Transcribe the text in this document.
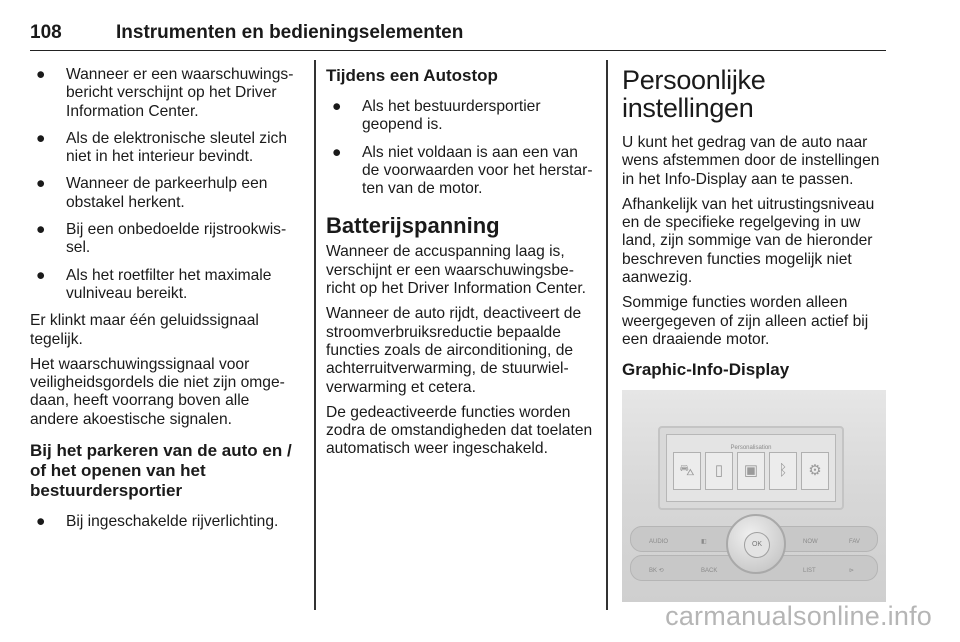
108	Instrumenten en bedieningselementen
● Wanneer er een waarschuwingsbericht verschijnt op het Driver Information Center.
● Als de elektronische sleutel zich niet in het interieur bevindt.
● Wanneer de parkeerhulp een obstakel herkent.
● Bij een onbedoelde rijstrookwissel.
● Als het roetfilter het maximale vulniveau bereikt.

Er klinkt maar één geluidssignaal tegelijk.

Het waarschuwingssignaal voor veiligheidsgordels die niet zijn omgedaan, heeft voorrang boven alle andere akoestische signalen.

Bij het parkeren van de auto en / of het openen van het bestuurdersportier
● Bij ingeschakelde rijverlichting.
Tijdens een Autostop
● Als het bestuurdersportier geopend is.
● Als niet voldaan is aan een van de voorwaarden voor het herstarten van de motor.
Batterijspanning

Wanneer de accuspanning laag is, verschijnt er een waarschuwingsbericht op het Driver Information Center.

Wanneer de auto rijdt, deactiveert de stroomverbruiksreductie bepaalde functies zoals de airconditioning, de achterruitverwarming, de stuurwielverwarming et cetera.

De gedeactiveerde functies worden zodra de omstandigheden dat toelaten automatisch weer ingeschakeld.

Persoonlijke instellingen

U kunt het gedrag van de auto naar wens afstemmen door de instellingen in het Info-Display aan te passen.

Afhankelijk van het uitrustingsniveau en de specifieke regelgeving in uw land, zijn sommige van de hieronder beschreven functies mogelijk niet aanwezig.

Sommige functies worden alleen weergegeven of zijn alleen actief bij een draaiende motor.

Graphic-Info-Display
Personalisation
⛍	▯	▣	ᛒ	⚙
AUDIO	◧	NOW	FAV
BK ⟲	BACK	LIST	⊳
OK
carmanualsonline.info
